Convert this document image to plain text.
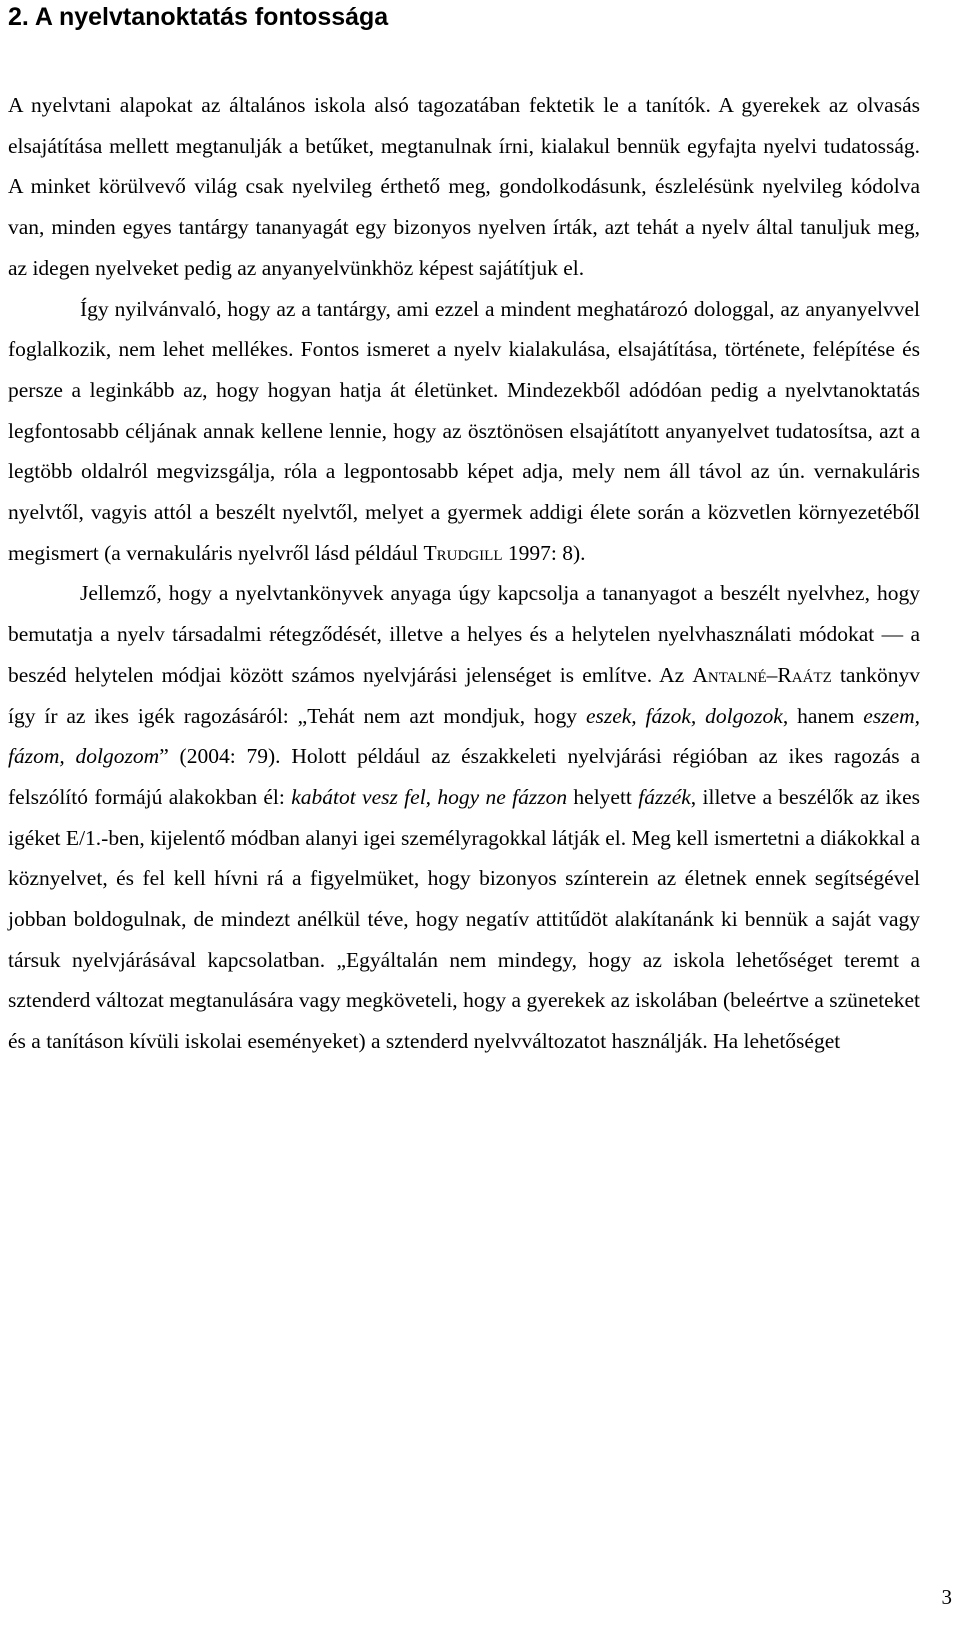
2. A nyelvtanoktatás fontossága

A nyelvtani alapokat az általános iskola alsó tagozatában fektetik le a tanítók. A gyerekek az olvasás elsajátítása mellett megtanulják a betűket, megtanulnak írni, kialakul bennük egyfajta nyelvi tudatosság. A minket körülvevő világ csak nyelvileg érthető meg, gondolkodásunk, észlelésünk nyelvileg kódolva van, minden egyes tantárgy tananyagát egy bizonyos nyelven írták, azt tehát a nyelv által tanuljuk meg, az idegen nyelveket pedig az anyanyelvünkhöz képest sajátítjuk el.

Így nyilvánvaló, hogy az a tantárgy, ami ezzel a mindent meghatározó dologgal, az anyanyelvvel foglalkozik, nem lehet mellékes. Fontos ismeret a nyelv kialakulása, elsajátítása, története, felépítése és persze a leginkább az, hogy hogyan hatja át életünket. Mindezekből adódóan pedig a nyelvtanoktatás legfontosabb céljának annak kellene lennie, hogy az ösztönösen elsajátított anyanyelvet tudatosítsa, azt a legtöbb oldalról megvizsgálja, róla a legpontosabb képet adja, mely nem áll távol az ún. vernakuláris nyelvtől, vagyis attól a beszélt nyelvtől, melyet a gyermek addigi élete során a közvetlen környezetéből megismert (a vernakuláris nyelvről lásd például Trudgill 1997: 8).

Jellemző, hogy a nyelvtankönyvek anyaga úgy kapcsolja a tananyagot a beszélt nyelvhez, hogy bemutatja a nyelv társadalmi rétegződését, illetve a helyes és a helytelen nyelvhasználati módokat — a beszéd helytelen módjai között számos nyelvjárási jelenséget is említve. Az Antalné–Raátz tankönyv így ír az ikes igék ragozásáról: „Tehát nem azt mondjuk, hogy eszek, fázok, dolgozok, hanem eszem, fázom, dolgozom” (2004: 79). Holott például az északkeleti nyelvjárási régióban az ikes ragozás a felszólító formájú alakokban él: kabátot vesz fel, hogy ne fázzon helyett fázzék, illetve a beszélők az ikes igéket E/1.-ben, kijelentő módban alanyi igei személyragokkal látják el. Meg kell ismertetni a diákokkal a köznyelvet, és fel kell hívni rá a figyelmüket, hogy bizonyos színterein az életnek ennek segítségével jobban boldogulnak, de mindezt anélkül téve, hogy negatív attitűdöt alakítanánk ki bennük a saját vagy társuk nyelvjárásával kapcsolatban. „Egyáltalán nem mindegy, hogy az iskola lehetőséget teremt a sztenderd változat megtanulására vagy megköveteli, hogy a gyerekek az iskolában (beleértve a szüneteket és a tanításon kívüli iskolai eseményeket) a sztenderd nyelvváltozatot használják. Ha lehetőséget

3
